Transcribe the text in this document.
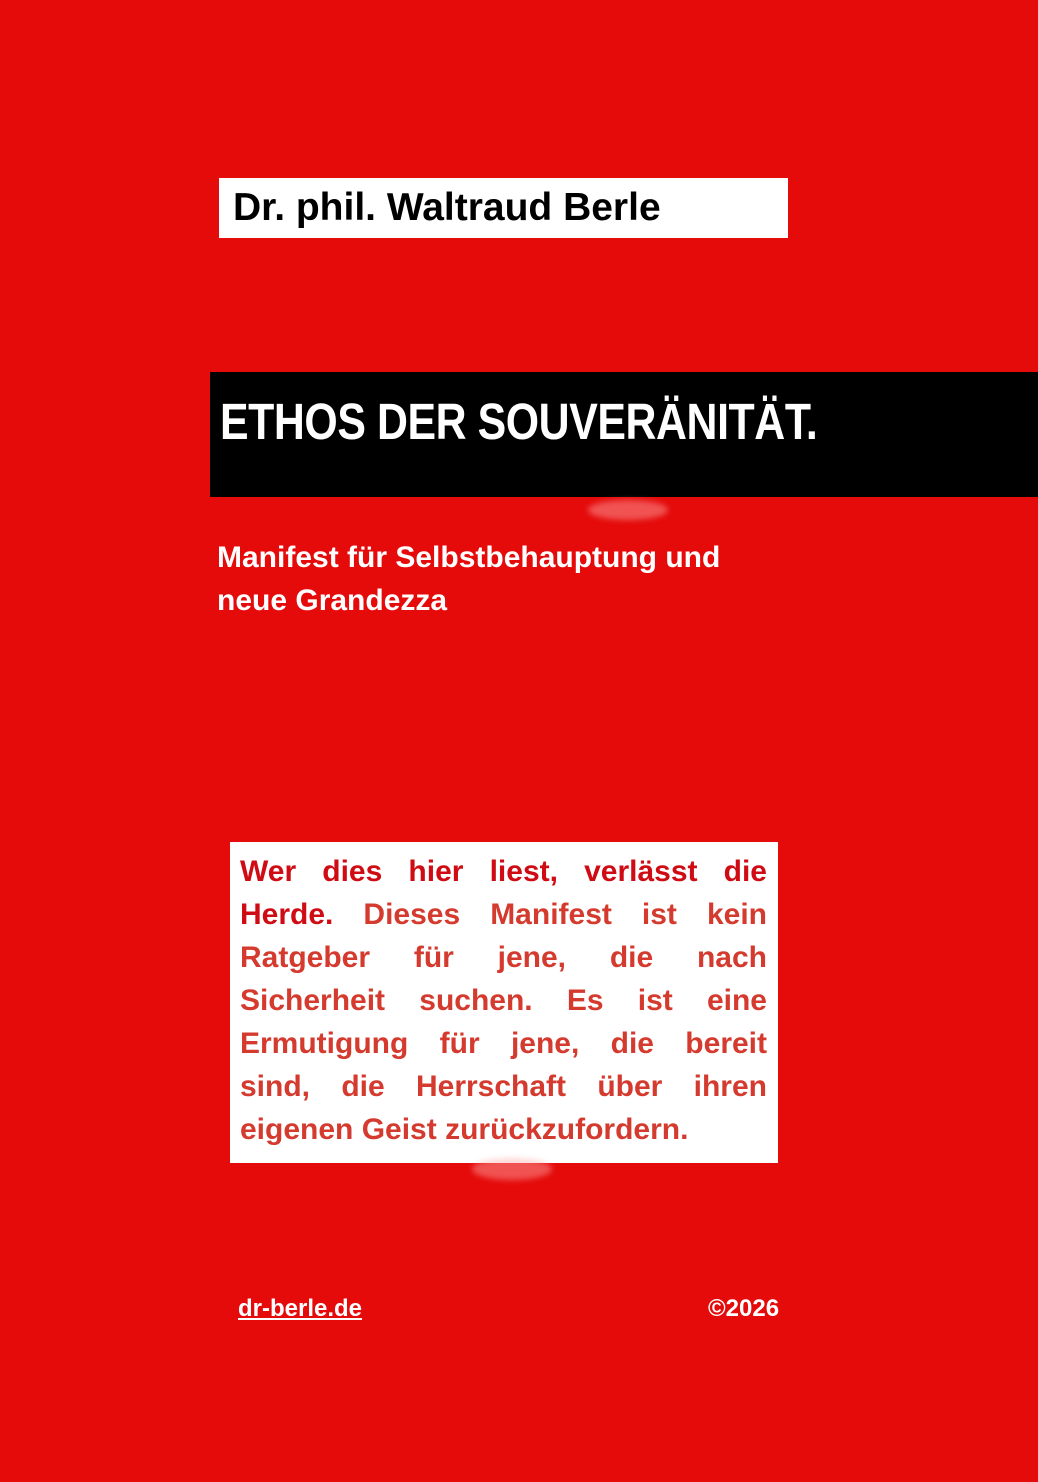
Dr. phil. Waltraud Berle
ETHOS DER SOUVERÄNITÄT.
Manifest für Selbstbehauptung und
neue Grandezza
Wer dies hier liest, verlässt die
Herde. Dieses Manifest ist kein
Ratgeber für jene, die nach
Sicherheit suchen. Es ist eine
Ermutigung für jene, die bereit
sind, die Herrschaft über ihren
eigenen Geist zurückzufordern.
dr-berle.de	©2026
